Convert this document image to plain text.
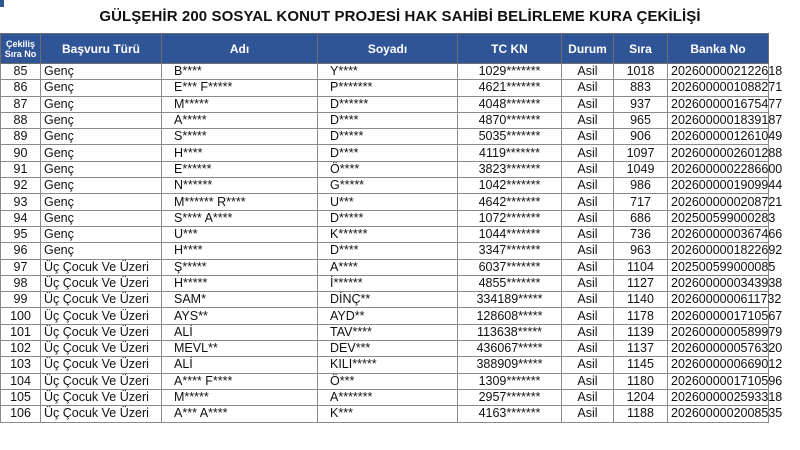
GÜLŞEHİR 200 SOSYAL KONUT PROJESİ HAK SAHİBİ BELİRLEME KURA ÇEKİLİŞİ
Çekiliş Sıra No	Başvuru Türü	Adı	Soyadı	TC KN	Durum	Sıra	Banka No
85	Genç	B****	Y****	1029*******	Asil	1018	2026000002122618
86	Genç	E*** F*****	P*******	4621*******	Asil	883	2026000001088271
87	Genç	M*****	D******	4048*******	Asil	937	2026000001675477
88	Genç	A*****	D****	4870*******	Asil	965	2026000001839187
89	Genç	S*****	D*****	5035*******	Asil	906	2026000001261049
90	Genç	H****	D****	4119*******	Asil	1097	2026000002601288
91	Genç	E******	Ö****	3823*******	Asil	1049	2026000002286600
92	Genç	N******	G*****	1042*******	Asil	986	2026000001909944
93	Genç	M****** R****	U***	4642*******	Asil	717	2026000000208721
94	Genç	S**** A****	D*****	1072*******	Asil	686	202500599000283
95	Genç	U***	K******	1044*******	Asil	736	2026000000367466
96	Genç	H****	D****	3347*******	Asil	963	2026000001822692
97	Üç Çocuk Ve Üzeri	Ş*****	A****	6037*******	Asil	1104	202500599000085
98	Üç Çocuk Ve Üzeri	H*****	İ******	4855*******	Asil	1127	2026000000343938
99	Üç Çocuk Ve Üzeri	SAM*	DİNÇ**	334189*****	Asil	1140	2026000000611732
100	Üç Çocuk Ve Üzeri	AYS**	AYD**	128608*****	Asil	1178	2026000001710567
101	Üç Çocuk Ve Üzeri	ALİ	TAV****	113638*****	Asil	1139	2026000000589979
102	Üç Çocuk Ve Üzeri	MEVL**	DEV***	436067*****	Asil	1137	2026000000576320
103	Üç Çocuk Ve Üzeri	ALİ	KILI*****	388909*****	Asil	1145	2026000000669012
104	Üç Çocuk Ve Üzeri	A**** F****	Ö***	1309*******	Asil	1180	2026000001710596
105	Üç Çocuk Ve Üzeri	M*****	A*******	2957*******	Asil	1204	2026000002593318
106	Üç Çocuk Ve Üzeri	A*** A****	K***	4163*******	Asil	1188	2026000002008535
